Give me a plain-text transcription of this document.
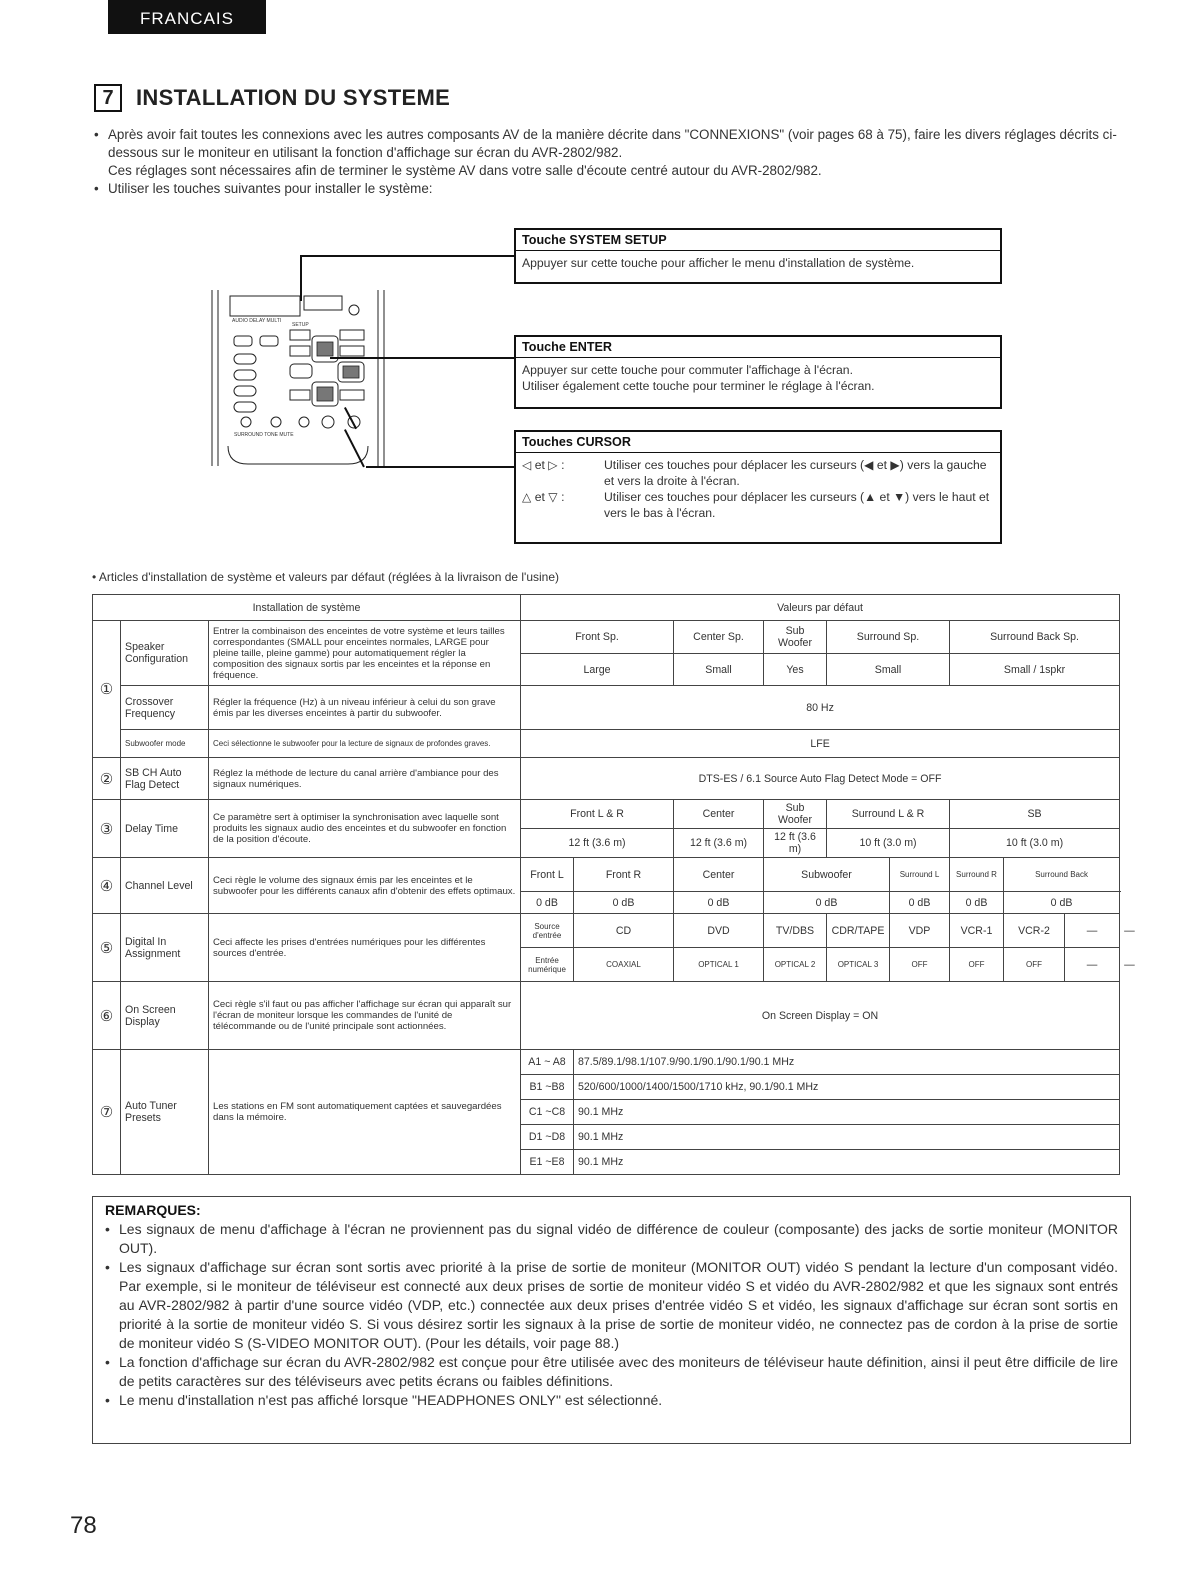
FRANCAIS
7	INSTALLATION DU SYSTEME

• Après avoir fait toutes les connexions avec les autres composants AV de la manière décrite dans "CONNEXIONS" (voir pages 68 à 75), faire les divers réglages décrits ci-dessous sur le moniteur en utilisant la fonction d'affichage sur écran du AVR-2802/982.

Ces réglages sont nécessaires afin de terminer le système AV dans votre salle d'écoute centré autour du AVR-2802/982.

• Utiliser les touches suivantes pour installer le système:

AUDIO DELAY MULTI
SETUP
SURROUND TONE MUTE
Touche SYSTEM SETUP
Appuyer sur cette touche pour afficher le menu d'installation de système.
Touche ENTER
Appuyer sur cette touche pour commuter l'affichage à l'écran.
Utiliser également cette touche pour terminer le réglage à l'écran.
Touches CURSOR
◁ et ▷ :	Utiliser ces touches pour déplacer les curseurs (◀ et ▶) vers la gauche et vers la droite à l'écran.
△ et ▽ :	Utiliser ces touches pour déplacer les curseurs (▲ et ▼) vers le haut et vers le bas à l'écran.
• Articles d'installation de système et valeurs par défaut (réglées à la livraison de l'usine)
Installation de système			Valeurs par défaut									
①	Speaker Configuration	Entrer la combinaison des enceintes de votre système et leurs tailles correspondantes (SMALL pour enceintes normales, LARGE pour pleine taille, pleine gamme) pour automatiquement régler la composition des signaux sortis par les enceintes et la réponse en fréquence.	Front Sp.		Center Sp.	Sub Woofer	Surround Sp.		Surround Back Sp.			
			Large		Small	Yes	Small		Small / 1spkr			
	Crossover Frequency	Régler la fréquence (Hz) à un niveau inférieur à celui du son grave émis par les diverses enceintes à partir du subwoofer.	80 Hz									
	Subwoofer mode	Ceci sélectionne le subwoofer pour la lecture de signaux de profondes graves.	LFE									
②	SB CH Auto Flag Detect	Réglez la méthode de lecture du canal arrière d'ambiance pour des signaux numériques.	DTS-ES / 6.1 Source Auto Flag Detect Mode = OFF									
③	Delay Time	Ce paramètre sert à optimiser la synchronisation avec laquelle sont produits les signaux audio des enceintes et du subwoofer en fonction de la position d'écoute.	Front L & R		Center	Sub Woofer	Surround L & R		SB			
			12 ft (3.6 m)		12 ft (3.6 m)	12 ft (3.6 m)	10 ft (3.0 m)		10 ft (3.0 m)			
④	Channel Level	Ceci règle le volume des signaux émis par les enceintes et le subwoofer pour les différents canaux afin d'obtenir des effets optimaux.	Front L	Front R	Center	Subwoofer		Surround L	Surround R	Surround Back		
			0 dB	0 dB	0 dB	0 dB		0 dB	0 dB	0 dB		
⑤	Digital In Assignment	Ceci affecte les prises d'entrées numériques pour les différentes sources d'entrée.	Source d'entrée	CD	DVD	TV/DBS	CDR/TAPE	VDP	VCR-1	VCR-2	—	—
			Entrée numérique	COAXIAL	OPTICAL 1	OPTICAL 2	OPTICAL 3	OFF	OFF	OFF	—	—
⑥	On Screen Display	Ceci règle s'il faut ou pas afficher l'affichage sur écran qui apparaît sur l'écran de moniteur lorsque les commandes de l'unité de télécommande ou de l'unité principale sont actionnées.	On Screen Display = ON									
⑦	Auto Tuner Presets	Les stations en FM sont automatiquement captées et sauvegardées dans la mémoire.	A1 ~ A8	87.5/89.1/98.1/107.9/90.1/90.1/90.1/90.1 MHz								
			B1 ~B8	520/600/1000/1400/1500/1710 kHz, 90.1/90.1 MHz								
			C1 ~C8	90.1 MHz								
			D1 ~D8	90.1 MHz								
			E1 ~E8	90.1 MHz								
REMARQUES:

• Les signaux de menu d'affichage à l'écran ne proviennent pas du signal vidéo de différence de couleur (composante) des jacks de sortie moniteur (MONITOR OUT).

• Les signaux d'affichage sur écran sont sortis avec priorité à la prise de sortie de moniteur (MONITOR OUT) vidéo S pendant la lecture d'un composant vidéo. Par exemple, si le moniteur de téléviseur est connecté aux deux prises de sortie de moniteur vidéo S et vidéo du AVR-2802/982 et que les signaux sont entrés au AVR-2802/982 à partir d'une source vidéo (VDP, etc.) connectée aux deux prises d'entrée vidéo S et vidéo, les signaux d'affichage sur écran sont sortis en priorité à la sortie de moniteur vidéo S. Si vous désirez sortir les signaux à la prise de sortie de moniteur vidéo, ne connectez pas de cordon à la prise de sortie de moniteur vidéo S (S-VIDEO MONITOR OUT). (Pour les détails, voir page 88.)

• La fonction d'affichage sur écran du AVR-2802/982 est conçue pour être utilisée avec des moniteurs de téléviseur haute définition, ainsi il peut être difficile de lire de petits caractères sur des téléviseurs avec petits écrans ou faibles définitions.

• Le menu d'installation n'est pas affiché lorsque "HEADPHONES ONLY" est sélectionné.

78
